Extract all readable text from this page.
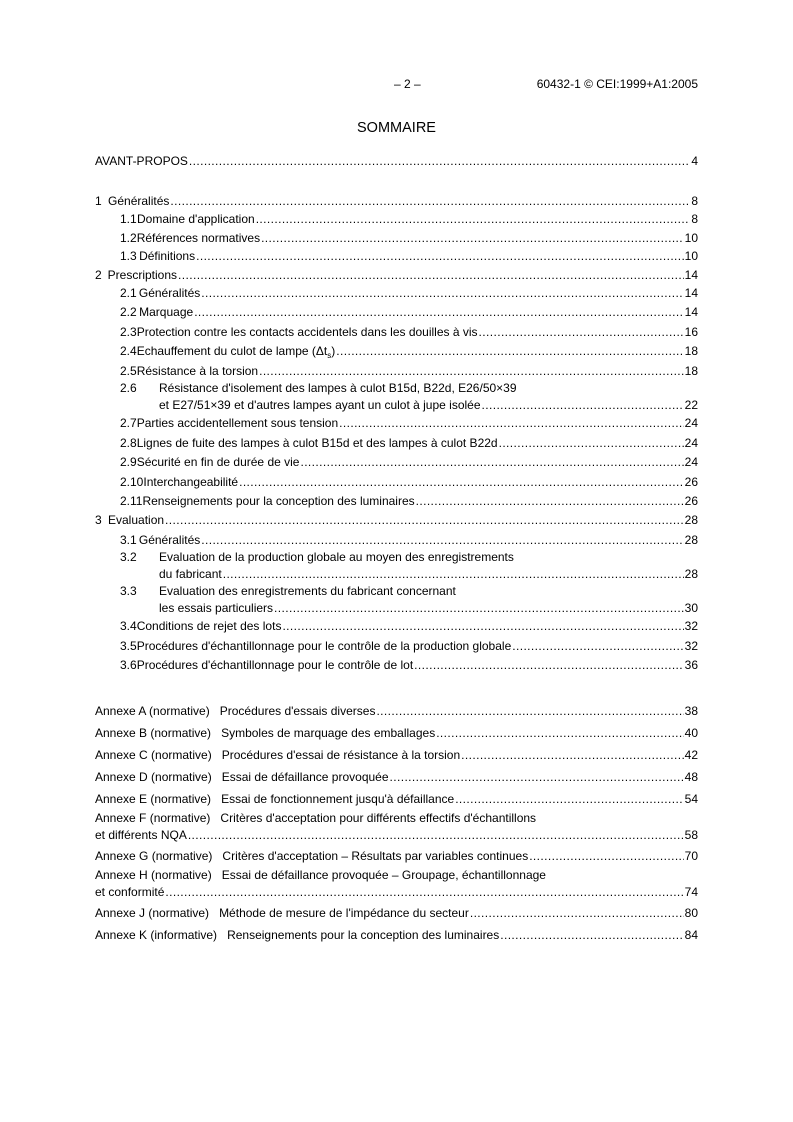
– 2 –	60432-1 © CEI:1999+A1:2005
SOMMAIRE
AVANT-PROPOS .....	4
1 Généralités .....	8
1.1 Domaine d'application .....	8
1.2 Références normatives .....	10
1.3 Définitions .....	10
2 Prescriptions .....	14
2.1 Généralités .....	14
2.2 Marquage .....	14
2.3 Protection contre les contacts accidentels dans les douilles à vis .....	16
2.4 Echauffement du culot de lampe $(\Delta t_s)$ .....	18
2.5 Résistance à la torsion .....	18
2.6 Résistance d'isolement des lampes à culot B15d, B22d, E26/50×39
et E27/51×39 et d'autres lampes ayant un culot à jupe isolée .....	22
2.7 Parties accidentellement sous tension .....	24
2.8 Lignes de fuite des lampes à culot B15d et des lampes à culot B22d .....	24
2.9 Sécurité en fin de durée de vie .....	24
2.10 Interchangeabilité .....	26
2.11 Renseignements pour la conception des luminaires .....	26
3 Evaluation .....	28
3.1 Généralités .....	28
3.2 Evaluation de la production globale au moyen des enregistrements
du fabricant .....	28
3.3 Evaluation des enregistrements du fabricant concernant
les essais particuliers .....	30
3.4 Conditions de rejet des lots .....	32
3.5 Procédures d'échantillonnage pour le contrôle de la production globale .....	32
3.6 Procédures d'échantillonnage pour le contrôle de lot .....	36
Annexe A (normative) Procédures d'essais diverses .....	38
Annexe B (normative) Symboles de marquage des emballages .....	40
Annexe C (normative) Procédures d'essai de résistance à la torsion .....	42
Annexe D (normative) Essai de défaillance provoquée .....	48
Annexe E (normative) Essai de fonctionnement jusqu'à défaillance .....	54
Annexe F (normative) Critères d'acceptation pour différents effectifs d'échantillons
et différents NQA .....	58
Annexe G (normative) Critères d'acceptation – Résultats par variables continues .....	70
Annexe H (normative) Essai de défaillance provoquée – Groupage, échantillonnage
et conformité .....	74
Annexe J (normative) Méthode de mesure de l'impédance du secteur .....	80
Annexe K (informative) Renseignements pour la conception des luminaires .....	84
